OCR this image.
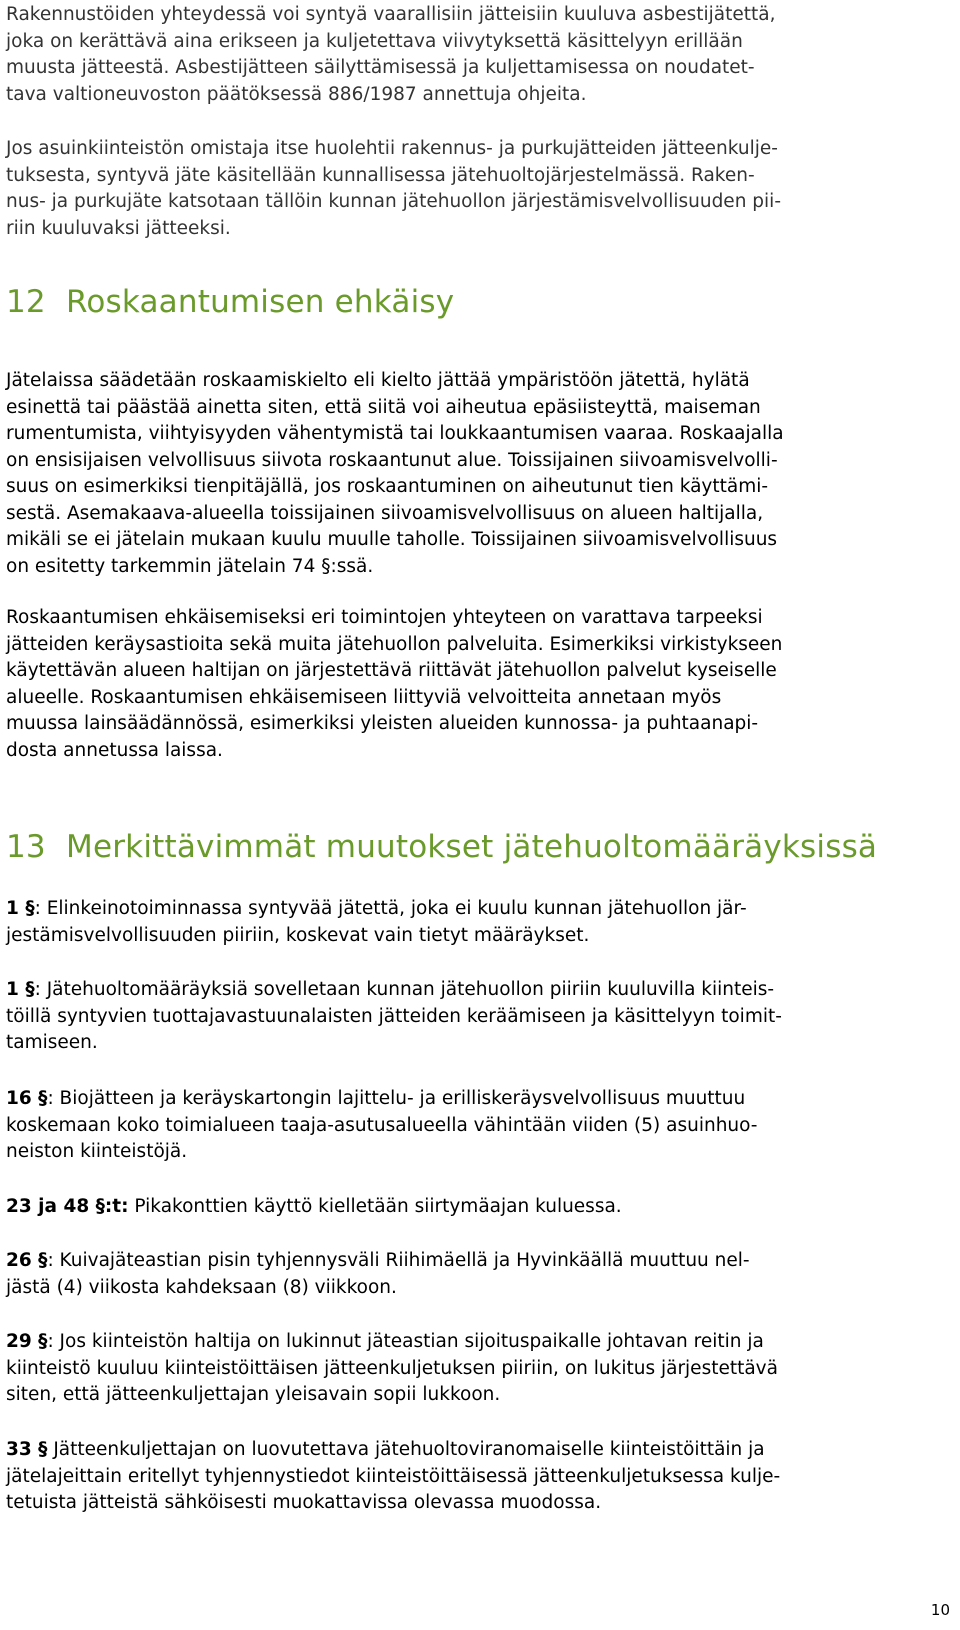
Rakennustöiden yhteydessä voi syntyä vaarallisiin jätteisiin kuuluva asbestijätettä,
joka on kerättävä aina erikseen ja kuljetettava viivytyksettä käsittelyyn erillään
muusta jätteestä. Asbestijätteen säilyttämisessä ja kuljettamisessa on noudatet-
tava valtioneuvoston päätöksessä 886/1987 annettuja ohjeita.

Jos asuinkiinteistön omistaja itse huolehtii rakennus- ja purkujätteiden jätteenkulje-
tuksesta, syntyvä jäte käsitellään kunnallisessa jätehuoltojärjestelmässä. Raken-
nus- ja purkujäte katsotaan tällöin kunnan jätehuollon järjestämisvelvollisuuden pii-
riin kuuluvaksi jätteeksi.

12 Roskaantumisen ehkäisy

Jätelaissa säädetään roskaamiskielto eli kielto jättää ympäristöön jätettä, hylätä
esinettä tai päästää ainetta siten, että siitä voi aiheutua epäsiisteyttä, maiseman
rumentumista, viihtyisyyden vähentymistä tai loukkaantumisen vaaraa. Roskaajalla
on ensisijaisen velvollisuus siivota roskaantunut alue. Toissijainen siivoamisvelvolli-
suus on esimerkiksi tienpitäjällä, jos roskaantuminen on aiheutunut tien käyttämi-
sestä. Asemakaava-alueella toissijainen siivoamisvelvollisuus on alueen haltijalla,
mikäli se ei jätelain mukaan kuulu muulle taholle. Toissijainen siivoamisvelvollisuus
on esitetty tarkemmin jätelain 74 §:ssä.

Roskaantumisen ehkäisemiseksi eri toimintojen yhteyteen on varattava tarpeeksi
jätteiden keräysastioita sekä muita jätehuollon palveluita. Esimerkiksi virkistykseen
käytettävän alueen haltijan on järjestettävä riittävät jätehuollon palvelut kyseiselle
alueelle. Roskaantumisen ehkäisemiseen liittyviä velvoitteita annetaan myös
muussa lainsäädännössä, esimerkiksi yleisten alueiden kunnossa- ja puhtaanapi-
dosta annetussa laissa.

13 Merkittävimmät muutokset jätehuoltomääräyksissä

1 §: Elinkeinotoiminnassa syntyvää jätettä, joka ei kuulu kunnan jätehuollon jär-
jestämisvelvollisuuden piiriin, koskevat vain tietyt määräykset.

1 §: Jätehuoltomääräyksiä sovelletaan kunnan jätehuollon piiriin kuuluvilla kiinteis-
töillä syntyvien tuottajavastuunalaisten jätteiden keräämiseen ja käsittelyyn toimit-
tamiseen.

16 §: Biojätteen ja keräyskartongin lajittelu- ja erilliskeräysvelvollisuus muuttuu
koskemaan koko toimialueen taaja-asutusalueella vähintään viiden (5) asuinhuo-
neiston kiinteistöjä.

23 ja 48 §:t: Pikakonttien käyttö kielletään siirtymäajan kuluessa.

26 §: Kuivajäteastian pisin tyhjennysväli Riihimäellä ja Hyvinkäällä muuttuu nel-
jästä (4) viikosta kahdeksaan (8) viikkoon.

29 §: Jos kiinteistön haltija on lukinnut jäteastian sijoituspaikalle johtavan reitin ja
kiinteistö kuuluu kiinteistöittäisen jätteenkuljetuksen piiriin, on lukitus järjestettävä
siten, että jätteenkuljettajan yleisavain sopii lukkoon.

33 § Jätteenkuljettajan on luovutettava jätehuoltoviranomaiselle kiinteistöittäin ja
jätelajeittain eritellyt tyhjennystiedot kiinteistöittäisessä jätteenkuljetuksessa kulje-
tetuista jätteistä sähköisesti muokattavissa olevassa muodossa.

10
